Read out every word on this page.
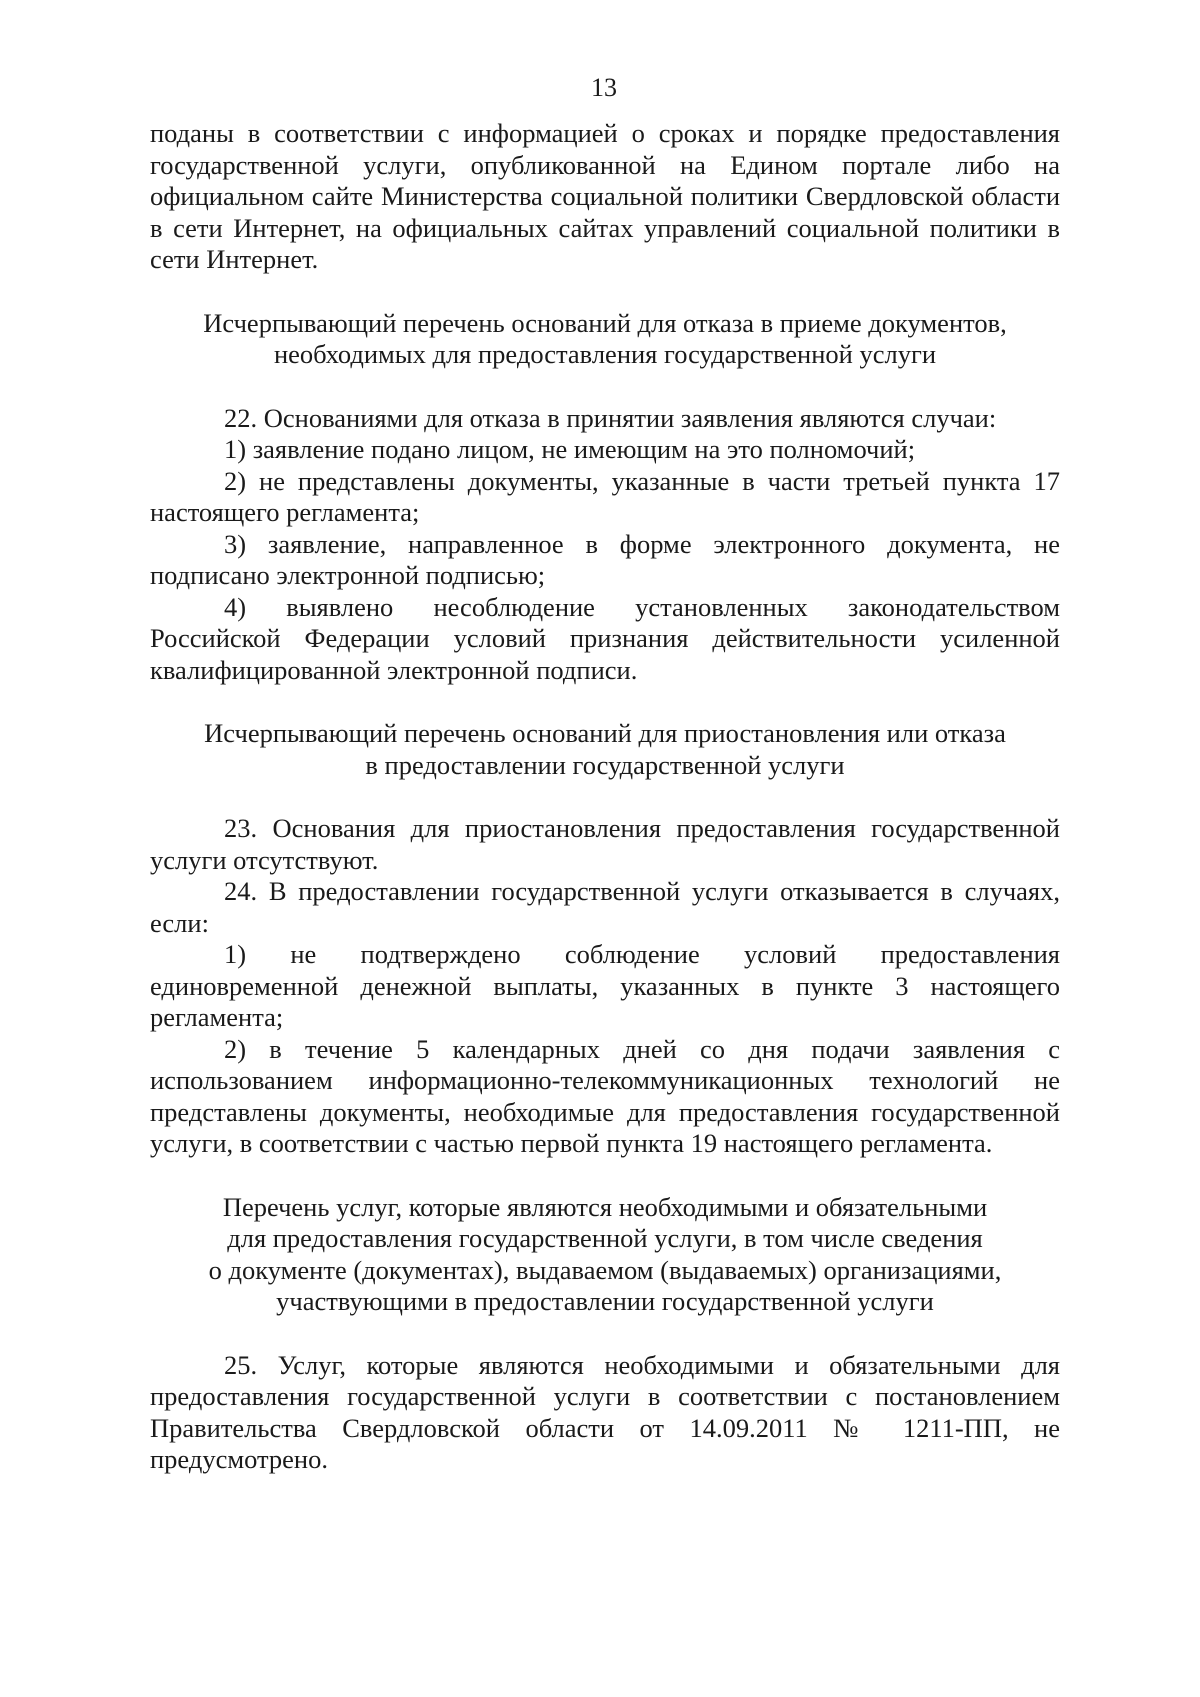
13

поданы в соответствии с информацией о сроках и порядке предоставления государственной услуги, опубликованной на Едином портале либо на официальном сайте Министерства социальной политики Свердловской области в сети Интернет, на официальных сайтах управлений социальной политики в сети Интернет.

Исчерпывающий перечень оснований для отказа в приеме документов,
необходимых для предоставления государственной услуги

22. Основаниями для отказа в принятии заявления являются случаи:

1) заявление подано лицом, не имеющим на это полномочий;

2) не представлены документы, указанные в части третьей пункта 17 настоящего регламента;

3) заявление, направленное в форме электронного документа, не подписано электронной подписью;

4) выявлено несоблюдение установленных законодательством Российской Федерации условий признания действительности усиленной квалифицированной электронной подписи.

Исчерпывающий перечень оснований для приостановления или отказа
в предоставлении государственной услуги

23. Основания для приостановления предоставления государственной услуги отсутствуют.

24. В предоставлении государственной услуги отказывается в случаях, если:

1) не подтверждено соблюдение условий предоставления единовременной денежной выплаты, указанных в пункте 3 настоящего регламента;

2) в течение 5 календарных дней со дня подачи заявления с использованием информационно-телекоммуникационных технологий не представлены документы, необходимые для предоставления государственной услуги, в соответствии с частью первой пункта 19 настоящего регламента.

Перечень услуг, которые являются необходимыми и обязательными
для предоставления государственной услуги, в том числе сведения
о документе (документах), выдаваемом (выдаваемых) организациями,
участвующими в предоставлении государственной услуги

25. Услуг, которые являются необходимыми и обязательными для предоставления государственной услуги в соответствии с постановлением Правительства Свердловской области от 14.09.2011 № 1211-ПП, не предусмотрено.
